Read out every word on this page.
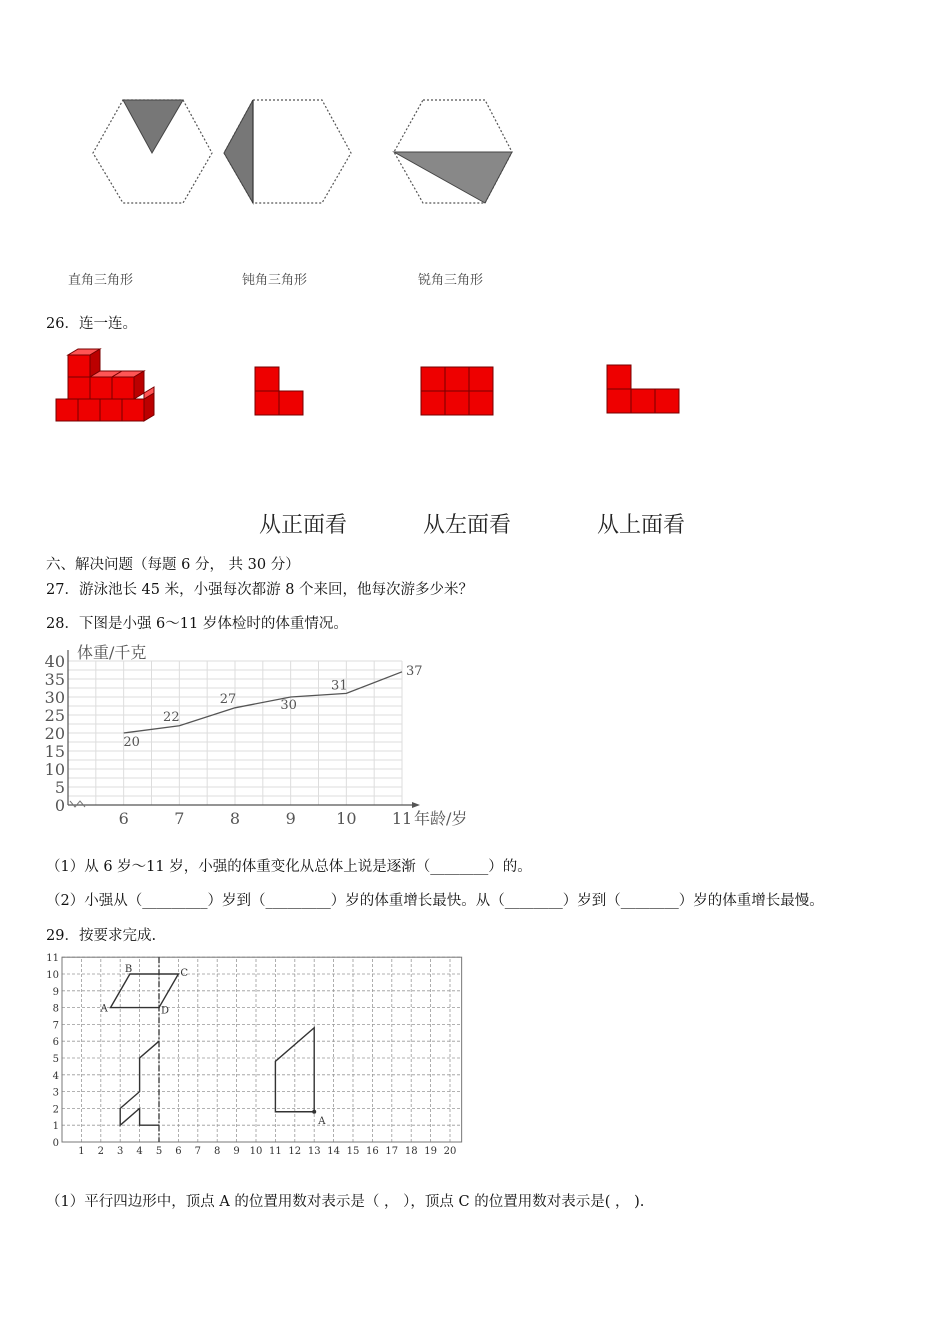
直角三角形	钝角三角形	锐角三角形
26．连一连。
从正面看	从左面看	从上面看
六、解决问题（每题 6 分， 共 30 分）
27．游泳池长 45 米，小强每次都游 8 个来回，他每次游多少米？
28．下图是小强 6～11 岁体检时的体重情况。
0
5
10
15
20
25
30
35
40
6	7	8	9	10 11
体重/千克
年龄/岁
20
22
27	30
31
37
（1）从 6 岁～11 岁，小强的体重变化从总体上说是逐渐（________）的。
（2）小强从（_________）岁到（_________）岁的体重增长最快。从（________）岁到（________）岁的体重增长最慢。
29．按要求完成.
1 2 3 4 5 6 7 8 9 10 11 12 13 14 15 16 17 18 19 20
0
1
2
3
4
5
6
7
8
9
10
11
A
B	C
D
A
（1）平行四边形中，顶点 A 的位置用数对表示是（ ， ），顶点 C 的位置用数对表示是( ， ).
